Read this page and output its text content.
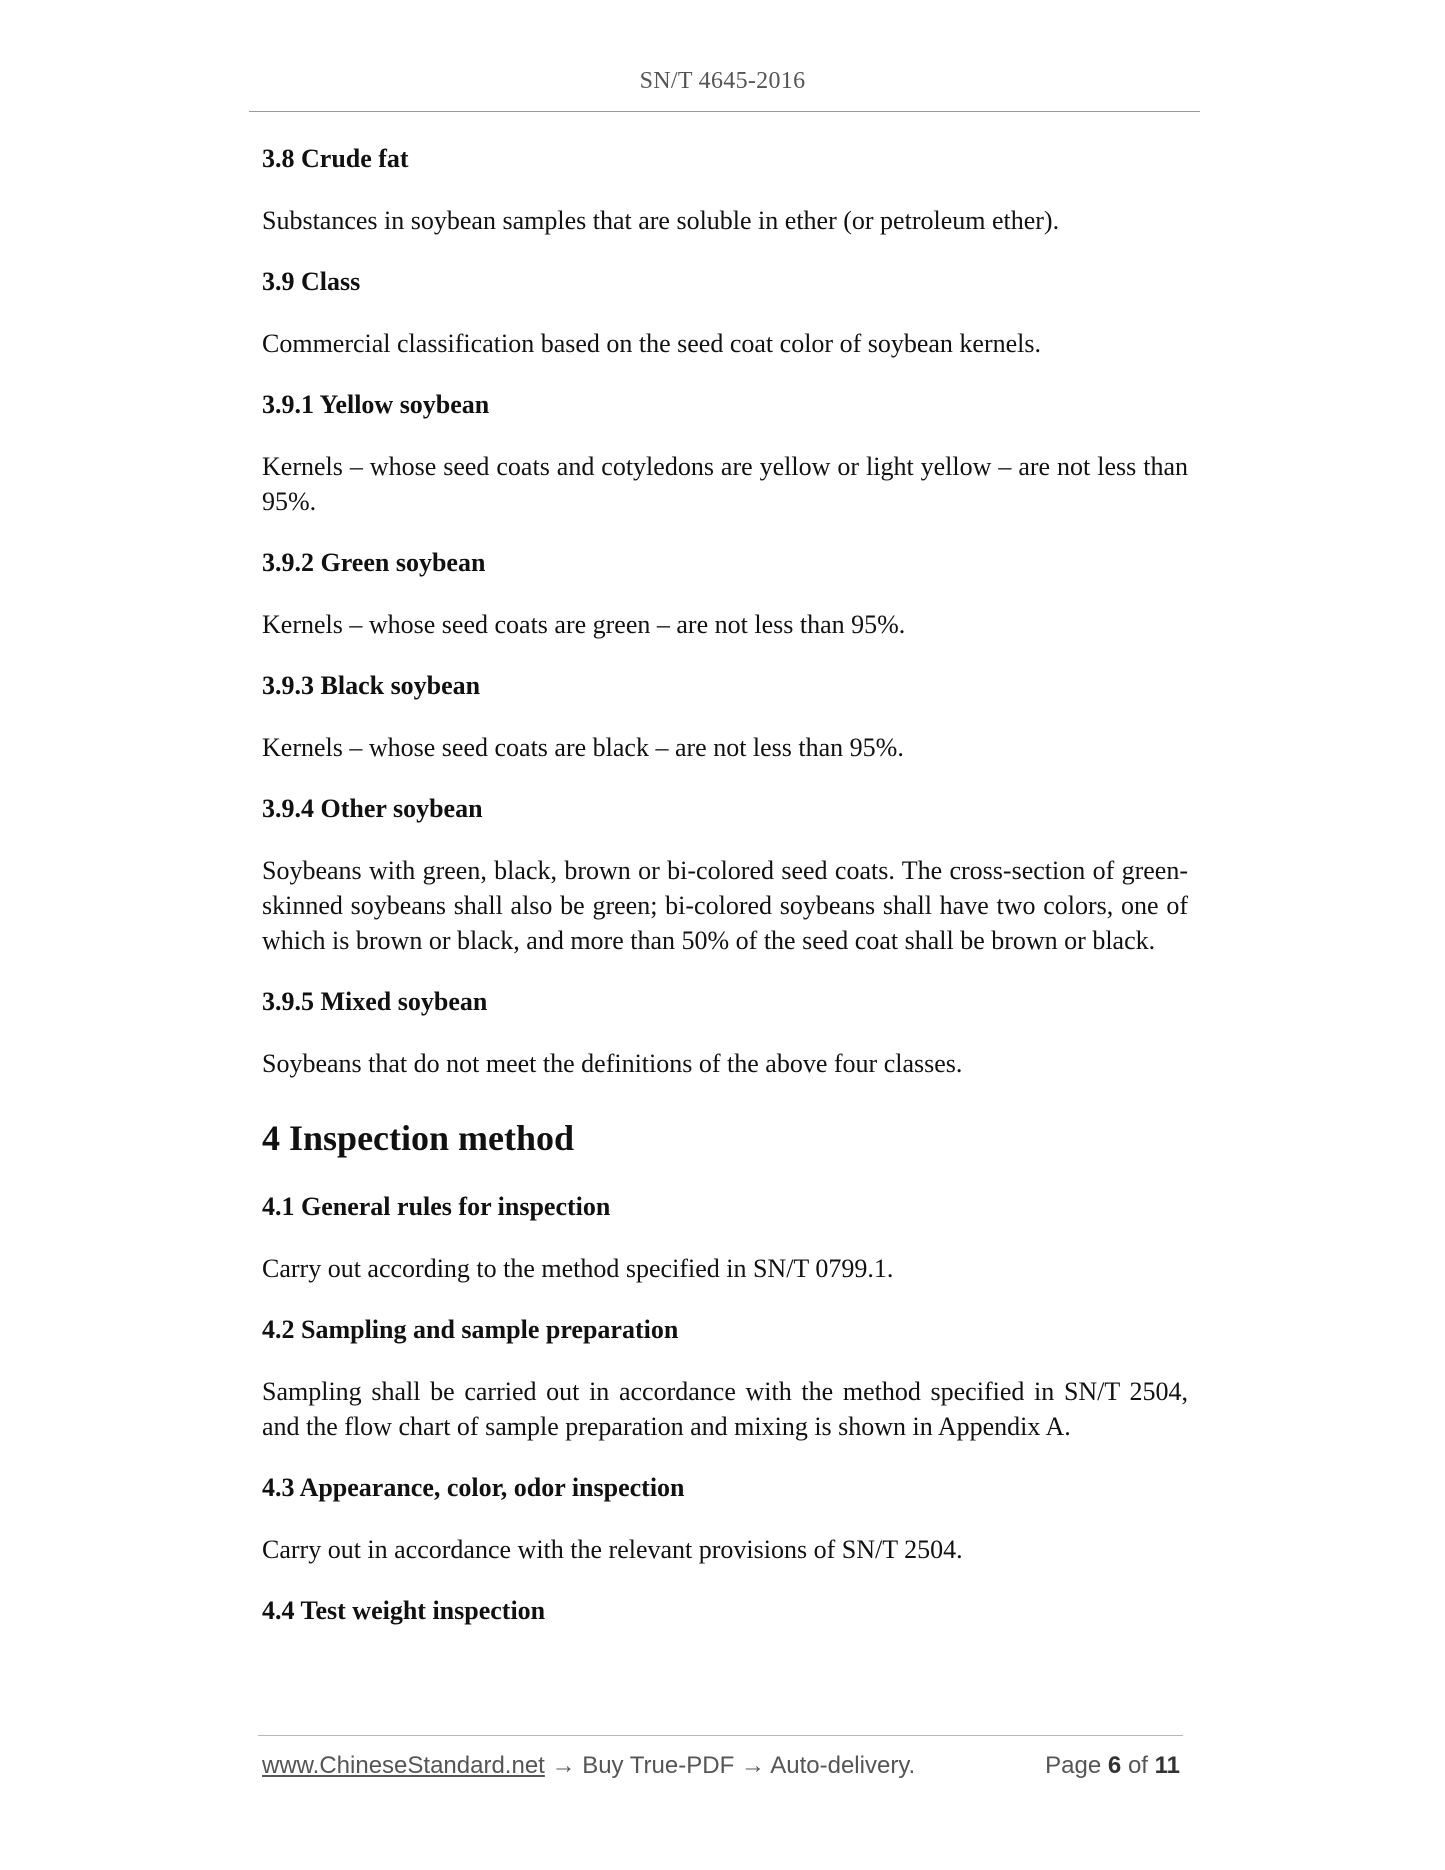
SN/T 4645-2016
3.8 Crude fat
Substances in soybean samples that are soluble in ether (or petroleum ether).
3.9 Class
Commercial classification based on the seed coat color of soybean kernels.
3.9.1 Yellow soybean
Kernels – whose seed coats and cotyledons are yellow or light yellow – are not less than 95%.
3.9.2 Green soybean
Kernels – whose seed coats are green – are not less than 95%.
3.9.3 Black soybean
Kernels – whose seed coats are black – are not less than 95%.
3.9.4 Other soybean
Soybeans with green, black, brown or bi-colored seed coats. The cross-section of green-skinned soybeans shall also be green; bi-colored soybeans shall have two colors, one of which is brown or black, and more than 50% of the seed coat shall be brown or black.
3.9.5 Mixed soybean
Soybeans that do not meet the definitions of the above four classes.
4 Inspection method
4.1 General rules for inspection
Carry out according to the method specified in SN/T 0799.1.
4.2 Sampling and sample preparation
Sampling shall be carried out in accordance with the method specified in SN/T 2504, and the flow chart of sample preparation and mixing is shown in Appendix A.
4.3 Appearance, color, odor inspection
Carry out in accordance with the relevant provisions of SN/T 2504.
4.4 Test weight inspection
www.ChineseStandard.net → Buy True-PDF → Auto-delivery.	Page 6 of 11
